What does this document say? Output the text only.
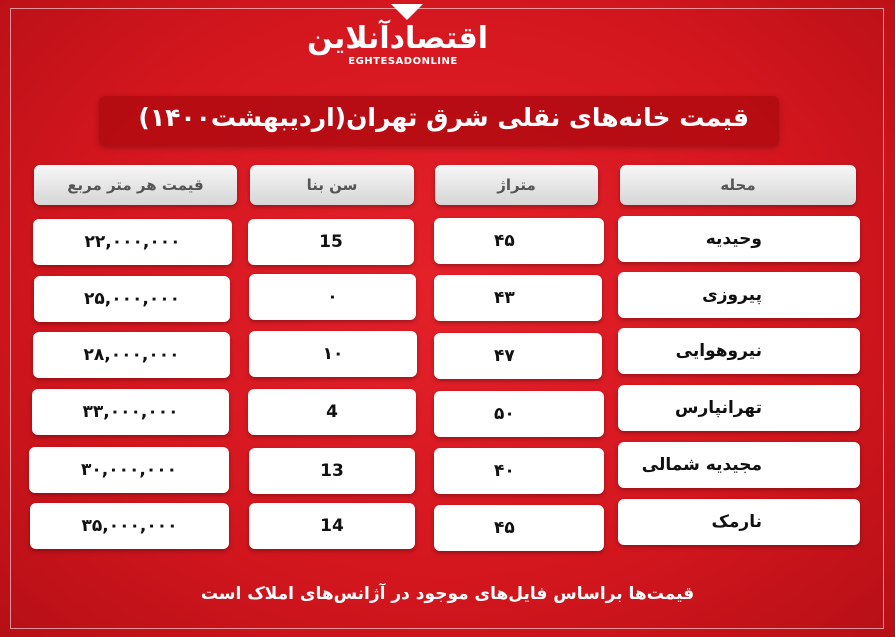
اقتصادآنلاین
EGHTESADONLINE
قیمت خانه‌های نقلی شرق تهران(اردیبهشت۱۴۰۰)
محله
متراژ
سن بنا
قیمت هر متر مربع
وحیدیه
۴۵
15
۲۲,۰۰۰,۰۰۰
پیروزی
۴۳
۰
۲۵,۰۰۰,۰۰۰
نیروهوایی
۴۷
۱۰
۲۸,۰۰۰,۰۰۰
تهرانپارس
۵۰
4
۳۳,۰۰۰,۰۰۰
مجیدیه شمالی
۴۰
13
۳۰,۰۰۰,۰۰۰
نارمک
۴۵
14
۳۵,۰۰۰,۰۰۰
قیمت‌ها براساس فایل‌های موجود در آژانس‌های املاک است
